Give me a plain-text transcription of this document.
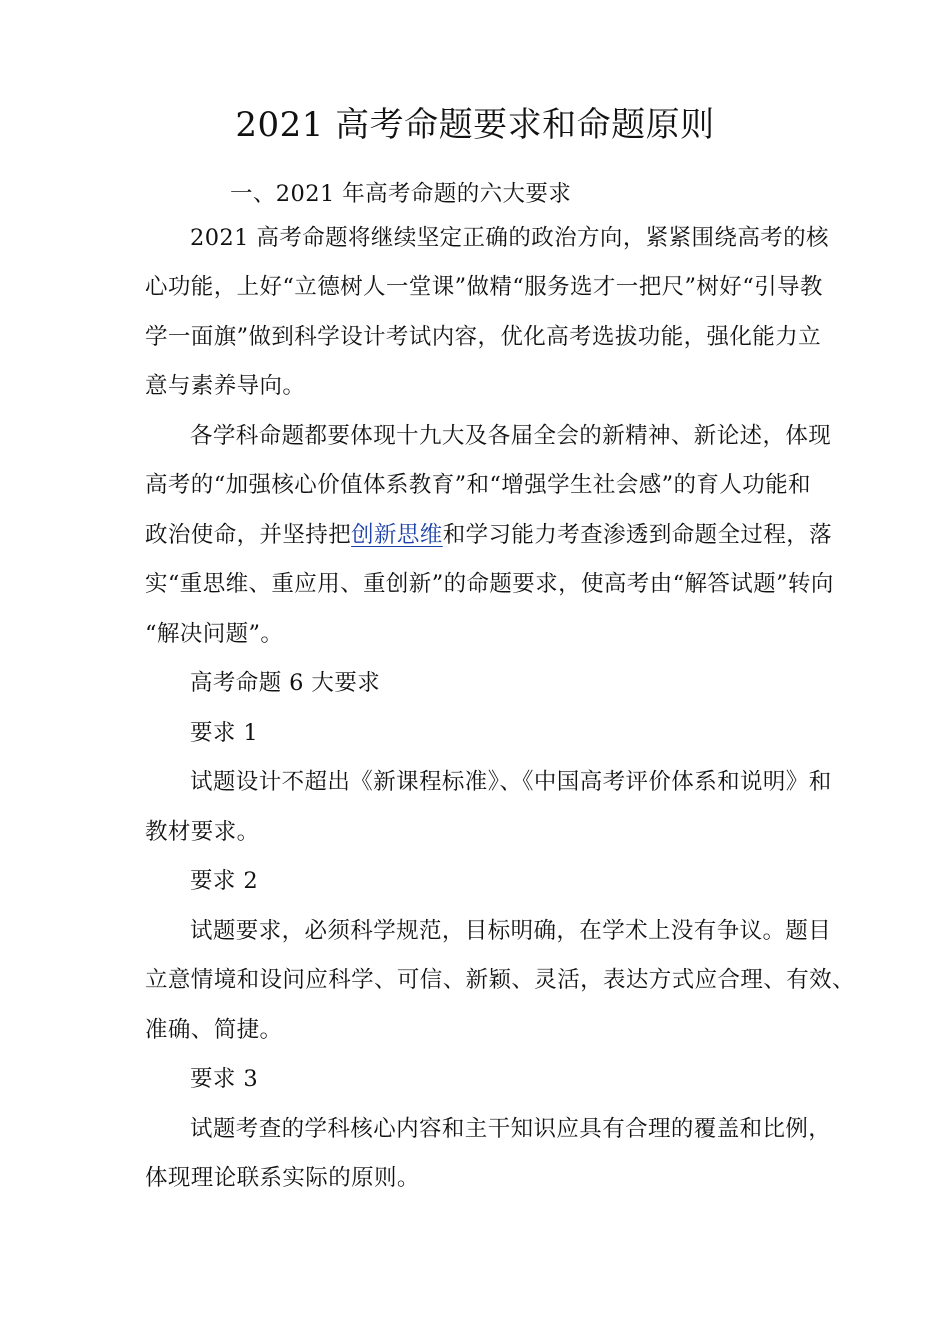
2021 高考命题要求和命题原则
一、2021 年高考命题的六大要求
2021 高考命题将继续坚定正确的政治方向，紧紧围绕高考的核
心功能，上好“立德树人一堂课”做精“服务选才一把尺”树好“引导教
学一面旗”做到科学设计考试内容，优化高考选拔功能，强化能力立
意与素养导向。
各学科命题都要体现十九大及各届全会的新精神、新论述，体现
高考的“加强核心价值体系教育”和“增强学生社会感”的育人功能和
政治使命，并坚持把创新思维和学习能力考查渗透到命题全过程，落
实“重思维、重应用、重创新”的命题要求，使高考由“解答试题”转向
“解决问题”。
高考命题 6 大要求
要求 1
试题设计不超出《新课程标准》、《中国高考评价体系和说明》和
教材要求。
要求 2
试题要求，必须科学规范，目标明确，在学术上没有争议。题目
立意情境和设问应科学、可信、新颖、灵活，表达方式应合理、有效、
准确、简捷。
要求 3
试题考查的学科核心内容和主干知识应具有合理的覆盖和比例，
体现理论联系实际的原则。
